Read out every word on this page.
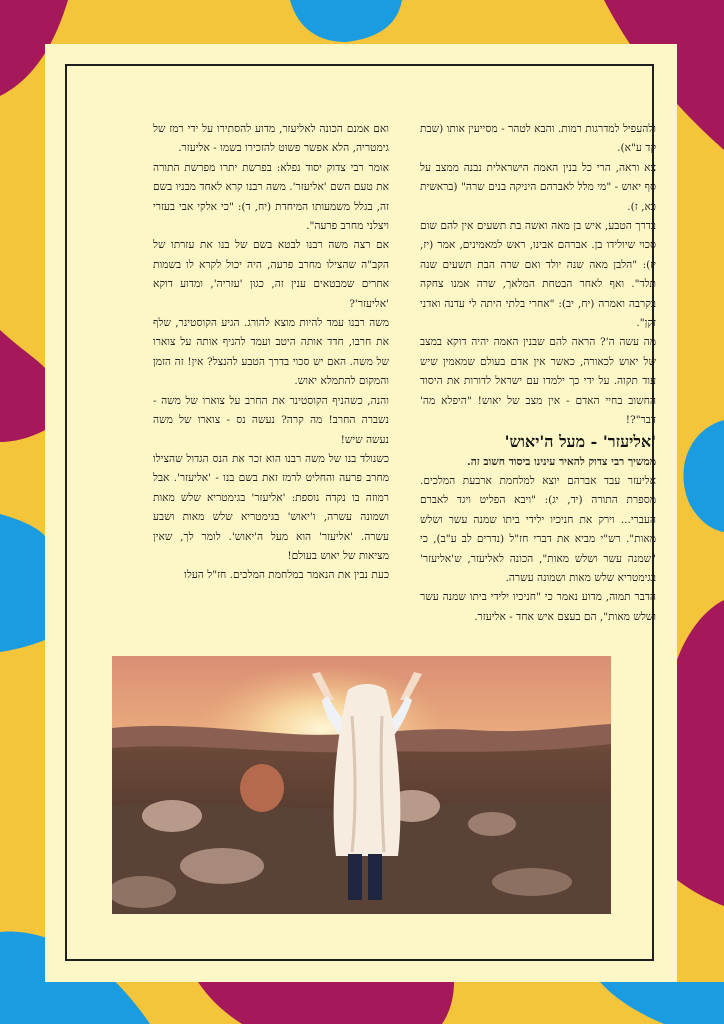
ולהעפיל למדרגות רמות. והבא לטהר - מסייעין אותו (שבת קד ע"א).

צא וראה, הרי כל בנין האמה הישראלית נבנה ממצב על סף יאוש - "מי מלל לאברהם היניקה בנים שרה" (בראשית כא, ז).

בדרך הטבע, איש בן מאה ואשה בת תשעים אין להם שום סכוי שיולידו בן. אברהם אבינו, ראש למאמינים, אמר (יז, יז): "הלבן מאה שנה יולד ואם שרה הבת תשעים שנה תלד". ואף לאחר הבטחת המלאך, שרה אמנו צחקה בקרבה ואמרה (יח, יב): "אחרי בלתי היתה לי עדנה ואדני זקן".

מה עשה ה'? הראה להם שבנין האמה יהיה דוקא במצב של יאוש לכאורה, כאשר אין אדם בעולם שמאמין שיש עוד תקוה. על ידי כך ילמדו עם ישראל לדורות את היסוד החשוב בחיי האדם - אין מצב של יאוש! "היפלא מה' דבר"?!

'אליעזר' - מעל ה'יאוש'

ממשיך רבי צדוק להאיר עינינו ביסוד חשוב זה.

אליעזר עבד אברהם יוצא למלחמת ארבעת המלכים. מספרת התורה (יד, יג): "ויבא הפליט ויגד לאברם העברי... וירק את חניכיו ילידי ביתו שמנה עשר ושלש מאות". רש"י מביא את דברי חז"ל (נדרים לב ע"ב), כי "שמנה עשר ושלש מאות", הכונה לאליעזר, ש'אליעזר' בגימטריא שלש מאות ושמונה עשרה.

הדבר תמוה, מדוע נאמר כי "חניכיו ילידי ביתו שמנה עשר ושלש מאות", הם בעצם איש אחד - אליעזר.

ואם אמנם הכונה לאליעזר, מדוע להסתירו על ידי רמז של גימטריה, הלא אפשר פשוט להזכירו בשמו - אליעזר.

אומר רבי צדוק יסוד נפלא: בפרשת יתרו מפרשת התורה את טעם השם 'אליעזר'. משה רבנו קרא לאחד מבניו בשם זה, בגלל משמעותו המיחדת (יח, ד): "כי אלקי אבי בעזרי ויצלני מחרב פרעה".

אם רצה משה רבנו לבטא בשם של בנו את עזרתו של הקב"ה שהצילו מחרב פרעה, היה יכול לקרא לו בשמות אחרים שמבטאים ענין זה, כגון 'עזריה', ומדוע דוקא 'אליעזר'?

משה רבנו עמד להיות מוצא להורג. הגיע הקוסטינר, שלף את חרבו, חדד אותה היטב ועמד להניף אותה על צוארו של משה. האם יש סכוי בדרך הטבע להנצל? אין! זה הזמן והמקום להתמלא יאוש.

והנה, כשהניף הקוסטינר את החרב על צוארו של משה - נשברה החרב! מה קרה? נעשה נס - צוארו של משה נעשה שיש!

כשנולד בנו של משה רבנו הוא זכר את הנס הגדול שהצילו מחרב פרעה והחליט לרמז זאת בשם בנו - 'אליעזר'. אבל רמוזה בו נקדה נוספת: 'אליעזר' בגימטריא שלש מאות ושמונה עשרה, ו'יאוש' בגימטריא שלש מאות ושבע עשרה. 'אליעזר' הוא מעל ה'יאוש'. לומר לך, שאין מציאות של יאוש בעולם!

כעת נבין את הנאמר במלחמת המלכים. חז"ל העלו
